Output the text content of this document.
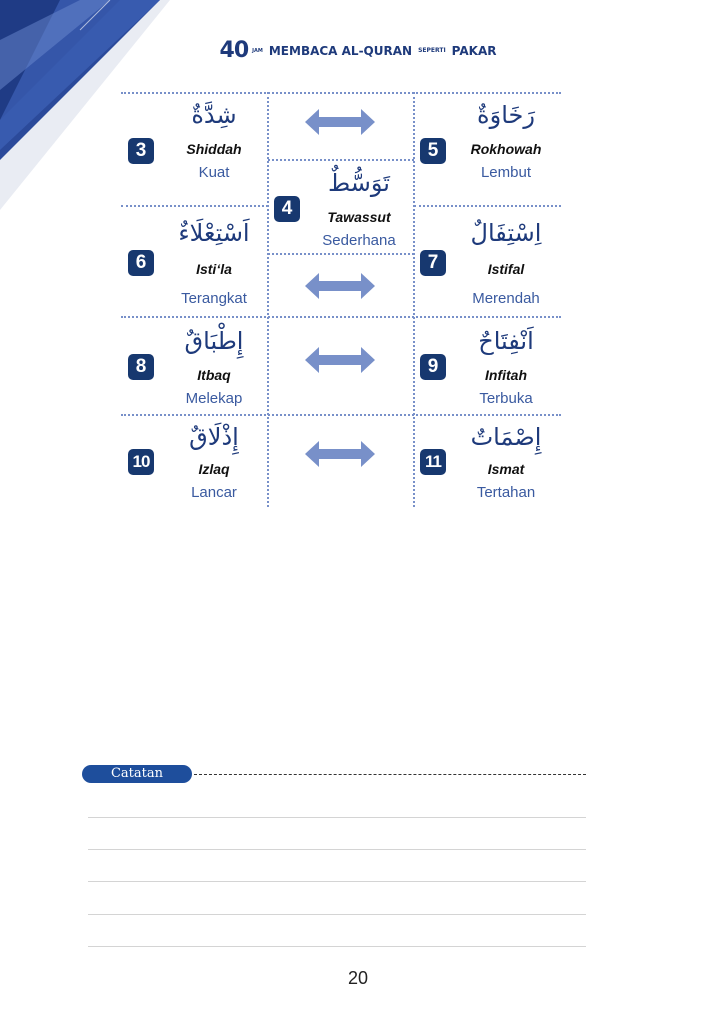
40 JAM MEMBACA AL-QURAN SEPERTI PAKAR
3
شِدَّةٌ
Shiddah
Kuat
5
رَخَاوَةٌ
Rokhowah
Lembut
4
تَوَسُّطٌ
Tawassut
Sederhana
6
اَسْتِعْلَاءٌ
Isti‘la
Terangkat
7
اِسْتِفَالٌ
Istifal
Merendah
8
إِطْبَاقٌ
Itbaq
Melekap
9
اَنْفِتَاحٌ
Infitah
Terbuka
10
إِذْلَاقٌ
Izlaq
Lancar
11
إِصْمَاتٌ
Ismat
Tertahan
Catatan
20
